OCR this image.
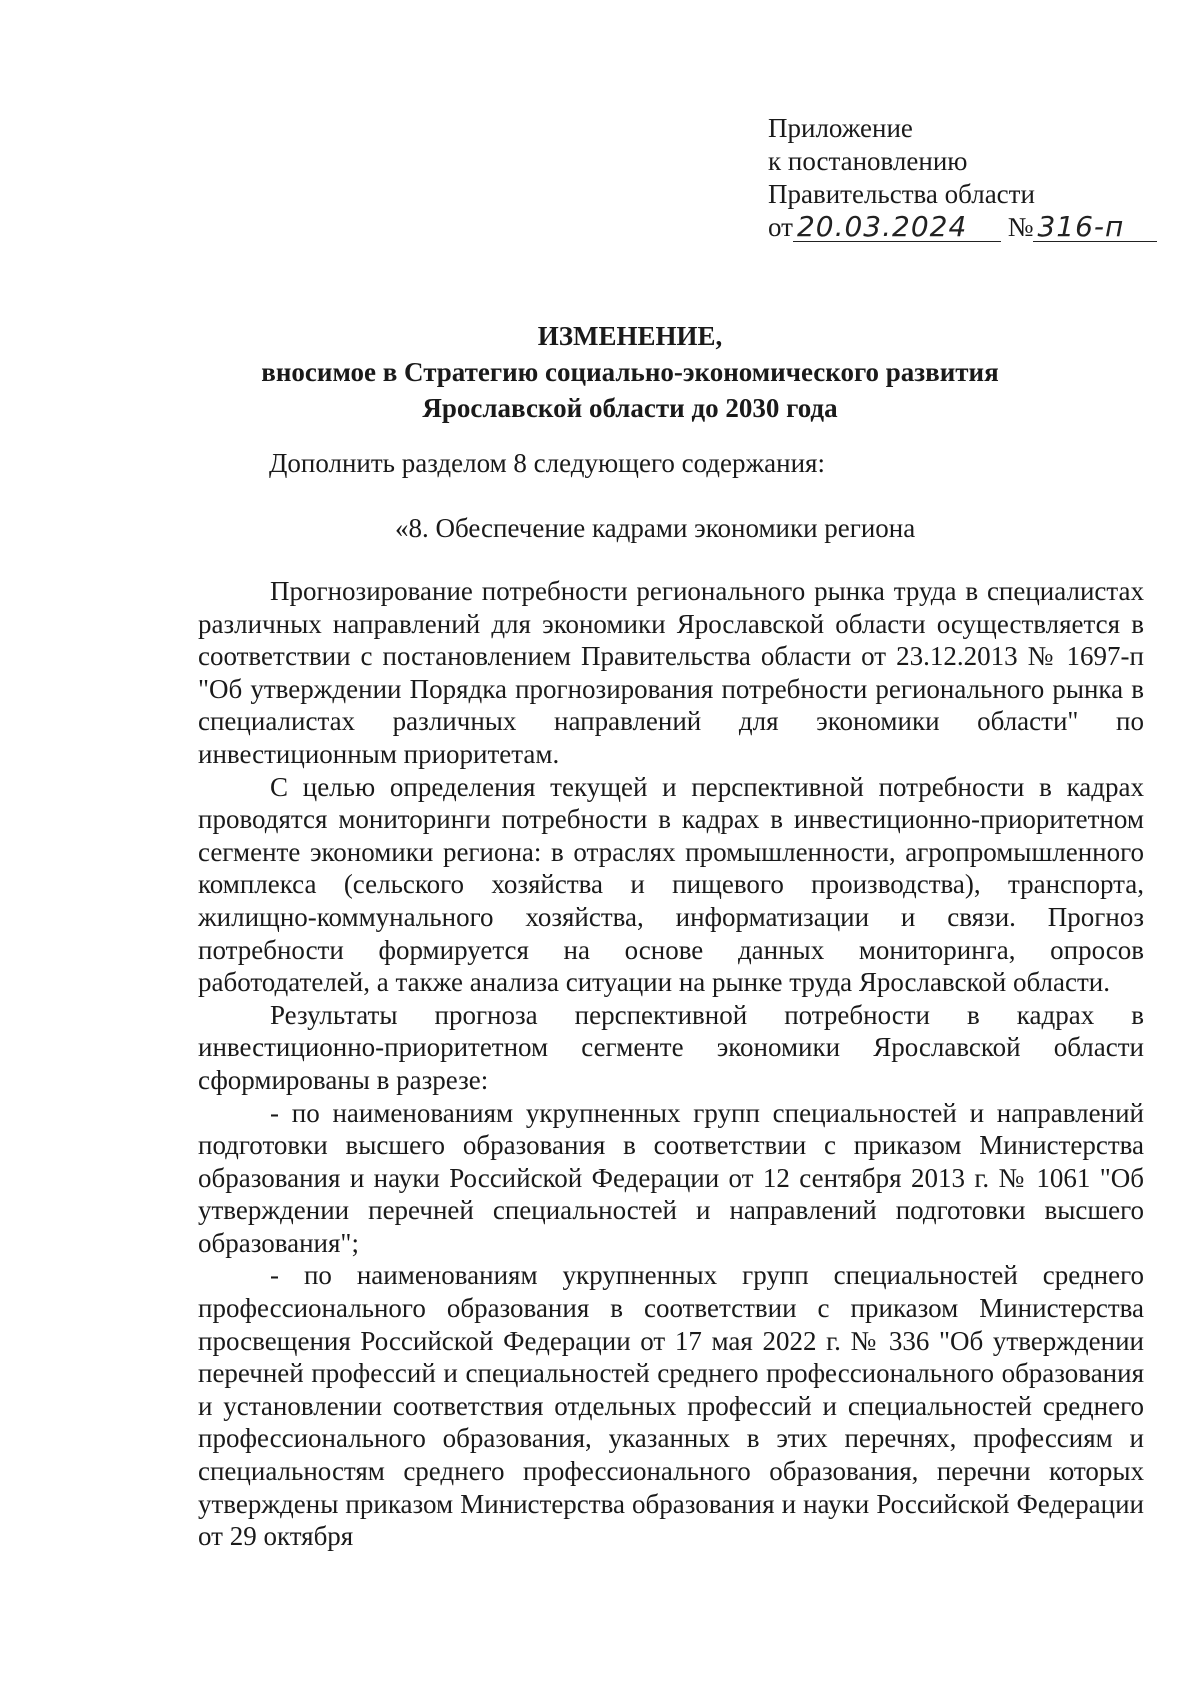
Приложение
к постановлению
Правительства области
от 20.03.2024 № 316-п
ИЗМЕНЕНИЕ,
вносимое в Стратегию социально-экономического развития
Ярославской области до 2030 года
Дополнить разделом 8 следующего содержания:
«8. Обеспечение кадрами экономики региона

Прогнозирование потребности регионального рынка труда в специалистах различных направлений для экономики Ярославской области осуществляется в соответствии с постановлением Правительства области от 23.12.2013 № 1697-п "Об утверждении Порядка прогнозирования потребности регионального рынка в специалистах различных направлений для экономики области" по инвестиционным приоритетам.

С целью определения текущей и перспективной потребности в кадрах проводятся мониторинги потребности в кадрах в инвестиционно-приоритетном сегменте экономики региона: в отраслях промышленности, агропромышленного комплекса (сельского хозяйства и пищевого производства), транспорта, жилищно-коммунального хозяйства, информатизации и связи. Прогноз потребности формируется на основе данных мониторинга, опросов работодателей, а также анализа ситуации на рынке труда Ярославской области.

Результаты прогноза перспективной потребности в кадрах в инвестиционно-приоритетном сегменте экономики Ярославской области сформированы в разрезе:

- по наименованиям укрупненных групп специальностей и направлений подготовки высшего образования в соответствии с приказом Министерства образования и науки Российской Федерации от 12 сентября 2013 г. № 1061 "Об утверждении перечней специальностей и направлений подготовки высшего образования";

- по наименованиям укрупненных групп специальностей среднего профессионального образования в соответствии с приказом Министерства просвещения Российской Федерации от 17 мая 2022 г. № 336 "Об утверждении перечней профессий и специальностей среднего профессионального образования и установлении соответствия отдельных профессий и специальностей среднего профессионального образования, указанных в этих перечнях, профессиям и специальностям среднего профессионального образования, перечни которых утверждены приказом Министерства образования и науки Российской Федерации от 29 октября
